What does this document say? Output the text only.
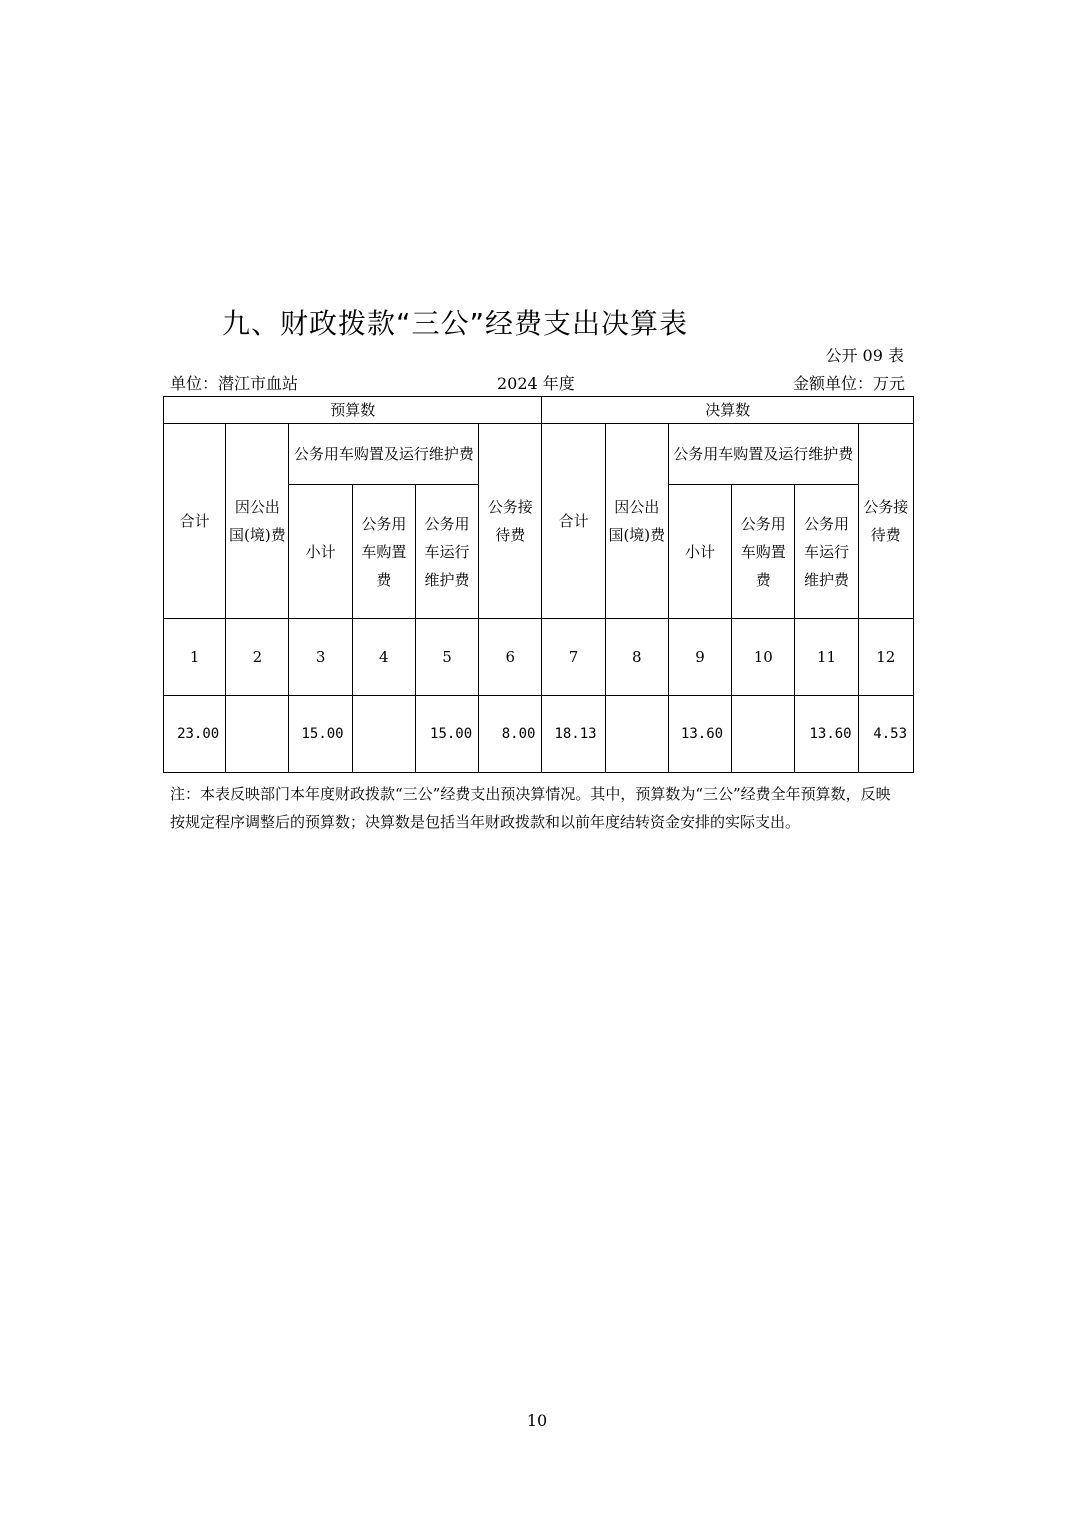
九、财政拨款“三公”经费支出决算表
公开 09 表
单位：潜江市血站	2024 年度	金额单位：万元
预算数						决算数					
合计	因公出国(境)费	公务用车购置及运行维护费			公务接待费	合计	因公出国(境)费	公务用车购置及运行维护费			公务接待费
		小计	公务用车购置费	公务用车运行维护费				小计	公务用车购置费	公务用车运行维护费	
1	2	3	4	5	6	7	8	9	10	11	12
23.00		15.00		15.00	8.00	18.13		13.60		13.60	4.53
注：本表反映部门本年度财政拨款“三公”经费支出预决算情况。其中，预算数为“三公”经费全年预算数，反映按规定程序调整后的预算数；决算数是包括当年财政拨款和以前年度结转资金安排的实际支出。
10
